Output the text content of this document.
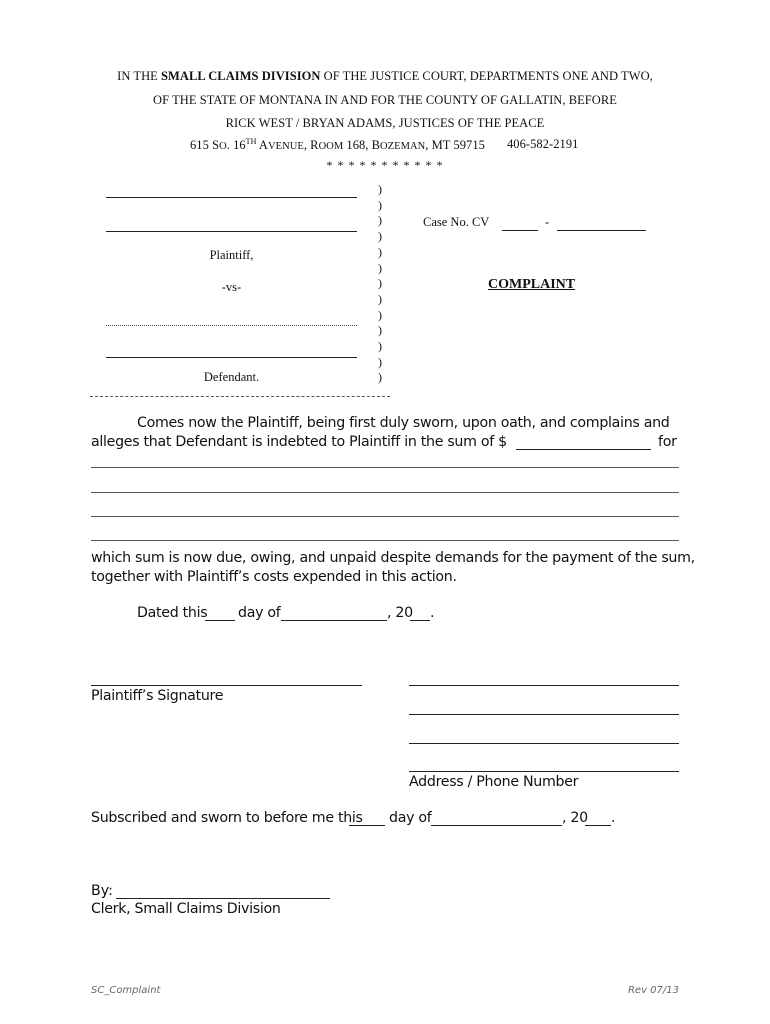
IN THE SMALL CLAIMS DIVISION OF THE JUSTICE COURT, DEPARTMENTS ONE AND TWO,
OF THE STATE OF MONTANA IN AND FOR THE COUNTY OF GALLATIN, BEFORE
RICK WEST / BRYAN ADAMS, JUSTICES OF THE PEACE
615 SO. 16TH AVENUE, ROOM 168, BOZEMAN, MT 59715 406-582-2191
* * * * * * * * * * *
Plaintiff,
-vs-
Defendant.
)
)
)
)
)
)
)
)
)
)
)
)
)
Case No. CV	-
COMPLAINT
Comes now the Plaintiff, being first duly sworn, upon oath, and complains and
alleges that Defendant is indebted to Plaintiff in the sum of $	for
which sum is now due, owing, and unpaid despite demands for the payment of the sum,
together with Plaintiff’s costs expended in this action.
Dated this day of	, 20 .
Plaintiff’s Signature
Address / Phone Number
Subscribed and sworn to before me this day of	, 20 .
By:
Clerk, Small Claims Division
SC_Complaint	Rev 07/13
